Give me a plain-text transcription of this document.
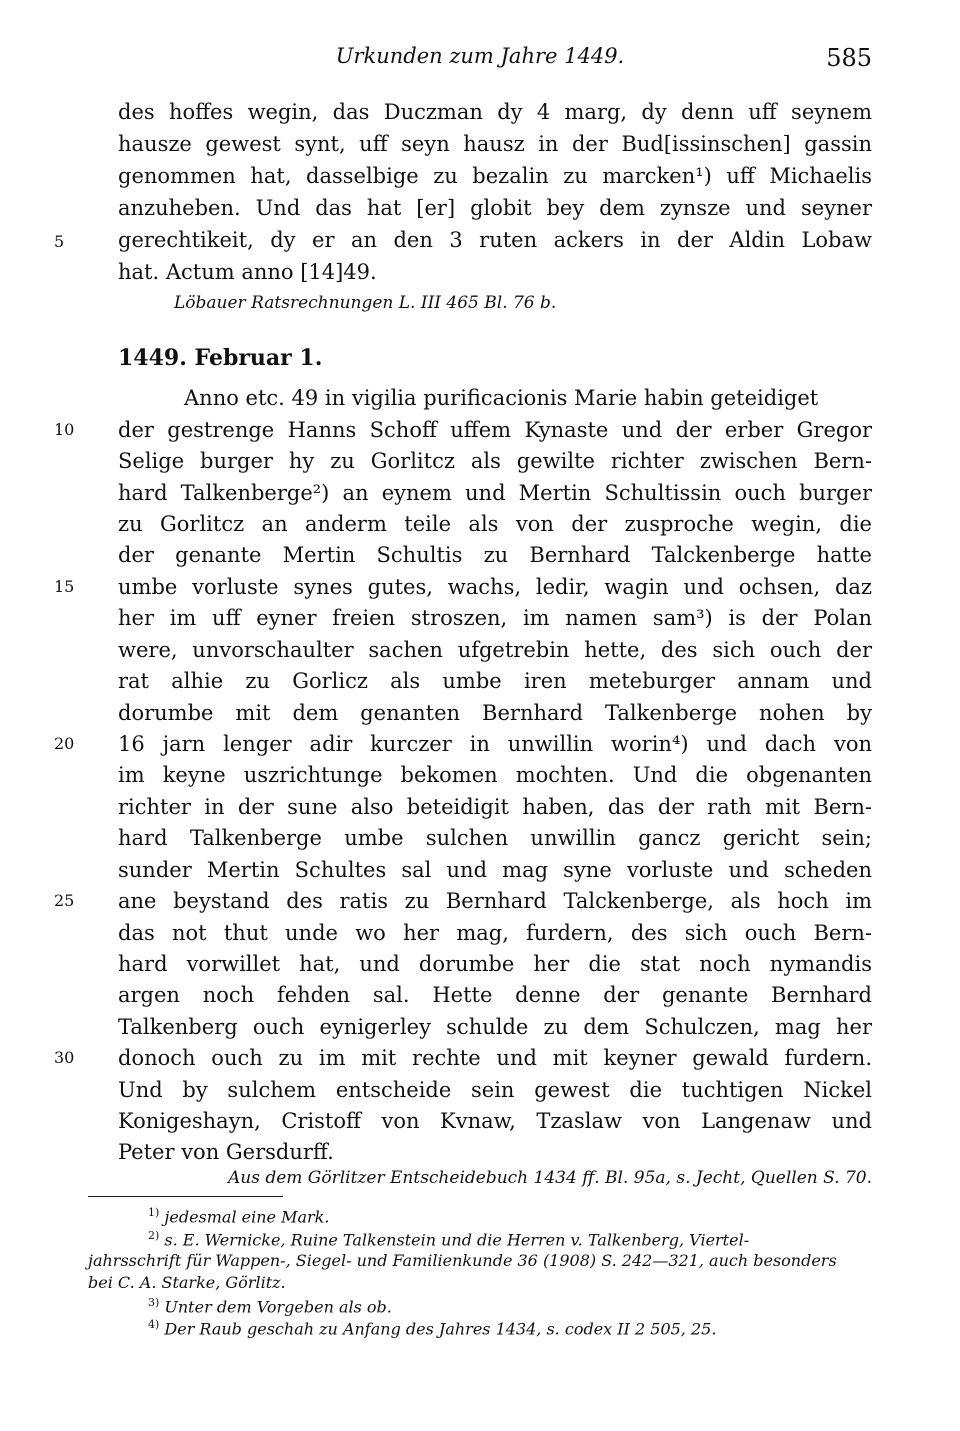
Urkunden zum Jahre 1449.	585
des hoffes wegin, das Duczman dy 4 marg, dy denn uff seynem
hausze gewest synt, uff seyn hausz in der Bud[issinschen] gassin
genommen hat, dasselbige zu bezalin zu marcken¹) uff Michaelis
anzuheben. Und das hat [er] globit bey dem zynsze und seyner
gerechtikeit, dy er an den 3 ruten ackers in der Aldin Lobaw
hat. Actum anno [14]49.
Löbauer Ratsrechnungen L. III 465 Bl. 76 b.
1449. Februar 1.
5
10
15
20
25
30
Anno etc. 49 in vigilia purificacionis Marie habin geteidiget
der gestrenge Hanns Schoff uffem Kynaste und der erber Gregor
Selige burger hy zu Gorlitcz als gewilte richter zwischen Bern-
hard Talkenberge²) an eynem und Mertin Schultissin ouch burger
zu Gorlitcz an anderm teile als von der zusproche wegin, die
der genante Mertin Schultis zu Bernhard Talckenberge hatte
umbe vorluste synes gutes, wachs, ledir, wagin und ochsen, daz
her im uff eyner freien stroszen, im namen sam³) is der Polan
were, unvorschaulter sachen ufgetrebin hette, des sich ouch der
rat alhie zu Gorlicz als umbe iren meteburger annam und
dorumbe mit dem genanten Bernhard Talkenberge nohen by
16 jarn lenger adir kurczer in unwillin worin⁴) und dach von
im keyne uszrichtunge bekomen mochten. Und die obgenanten
richter in der sune also beteidigit haben, das der rath mit Bern-
hard Talkenberge umbe sulchen unwillin gancz gericht sein;
sunder Mertin Schultes sal und mag syne vorluste und scheden
ane beystand des ratis zu Bernhard Talckenberge, als hoch im
das not thut unde wo her mag, furdern, des sich ouch Bern-
hard vorwillet hat, und dorumbe her die stat noch nymandis
argen noch fehden sal. Hette denne der genante Bernhard
Talkenberg ouch eynigerley schulde zu dem Schulczen, mag her
donoch ouch zu im mit rechte und mit keyner gewald furdern.
Und by sulchem entscheide sein gewest die tuchtigen Nickel
Konigeshayn, Cristoff von Kvnaw, Tzaslaw von Langenaw und
Peter von Gersdurff.
Aus dem Görlitzer Entscheidebuch 1434 ff. Bl. 95a, s. Jecht, Quellen S. 70.
$^{1)}$ jedesmal eine Mark.
$^{2)}$ s. E. Wernicke, Ruine Talkenstein und die Herren v. Talkenberg, Viertel-
jahrsschrift für Wappen-, Siegel- und Familienkunde 36 (1908) S. 242—321, auch besonders
bei C. A. Starke, Görlitz.
$^{3)}$ Unter dem Vorgeben als ob.
$^{4)}$ Der Raub geschah zu Anfang des Jahres 1434, s. codex II 2 505, 25.
